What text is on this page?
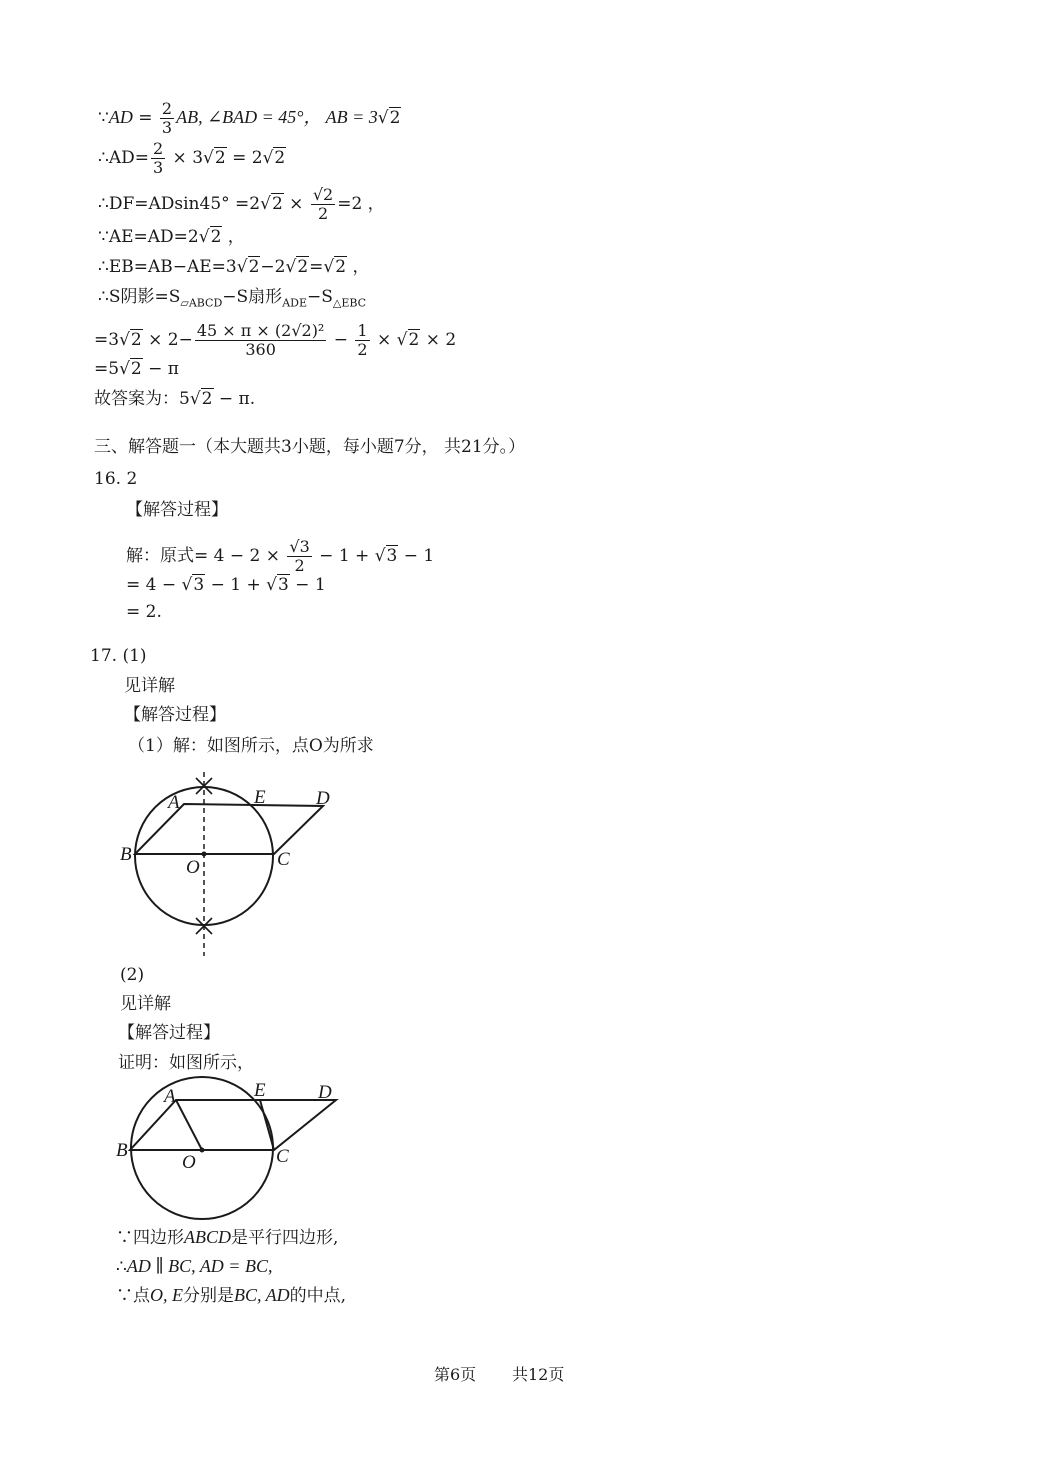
∵AD = $\frac{2}{3}$ AB, ∠BAD = 45°， AB = 3√2
∴AD= $\frac{2}{3} \times 3√2 = 2√2$
∴DF=ADsin45° $=2√2 \times \frac{√2}{2} =2$ ，
∵AE=AD=2√2 ，
∴EB=AB−AE=3√2−2√2=√2 ，
∴S阴影$=S_{▱ABCD}-S$扇形$_{ADE}-S_{\triangle EBC}$
$=3√2 \times 2- \frac{\text{45 × π × (2√2)²}}{360} - \frac{1}{2} \times √2 \times 2$
=5√2 − π
故答案为：5√2 − π.
三、解答题一（本大题共3小题，每小题7分， 共21分。）
16. 2
【解答过程】
解：原式= $4 - 2 \times \frac{√3}{2} - 1 + √3 - 1$
= 4 − √3 − 1 + √3 − 1
= 2.
17. (1)
见详解
【解答过程】
（1）解：如图所示，点O为所求
A	E	D
B
O	C
(2)
见详解
【解答过程】
证明：如图所示，
A	E	D
B
O	C
∵四边形ABCD是平行四边形,
∴AD ∥ BC, AD = BC,
∵点O, E分别是BC, AD的中点,
第6页 共12页
